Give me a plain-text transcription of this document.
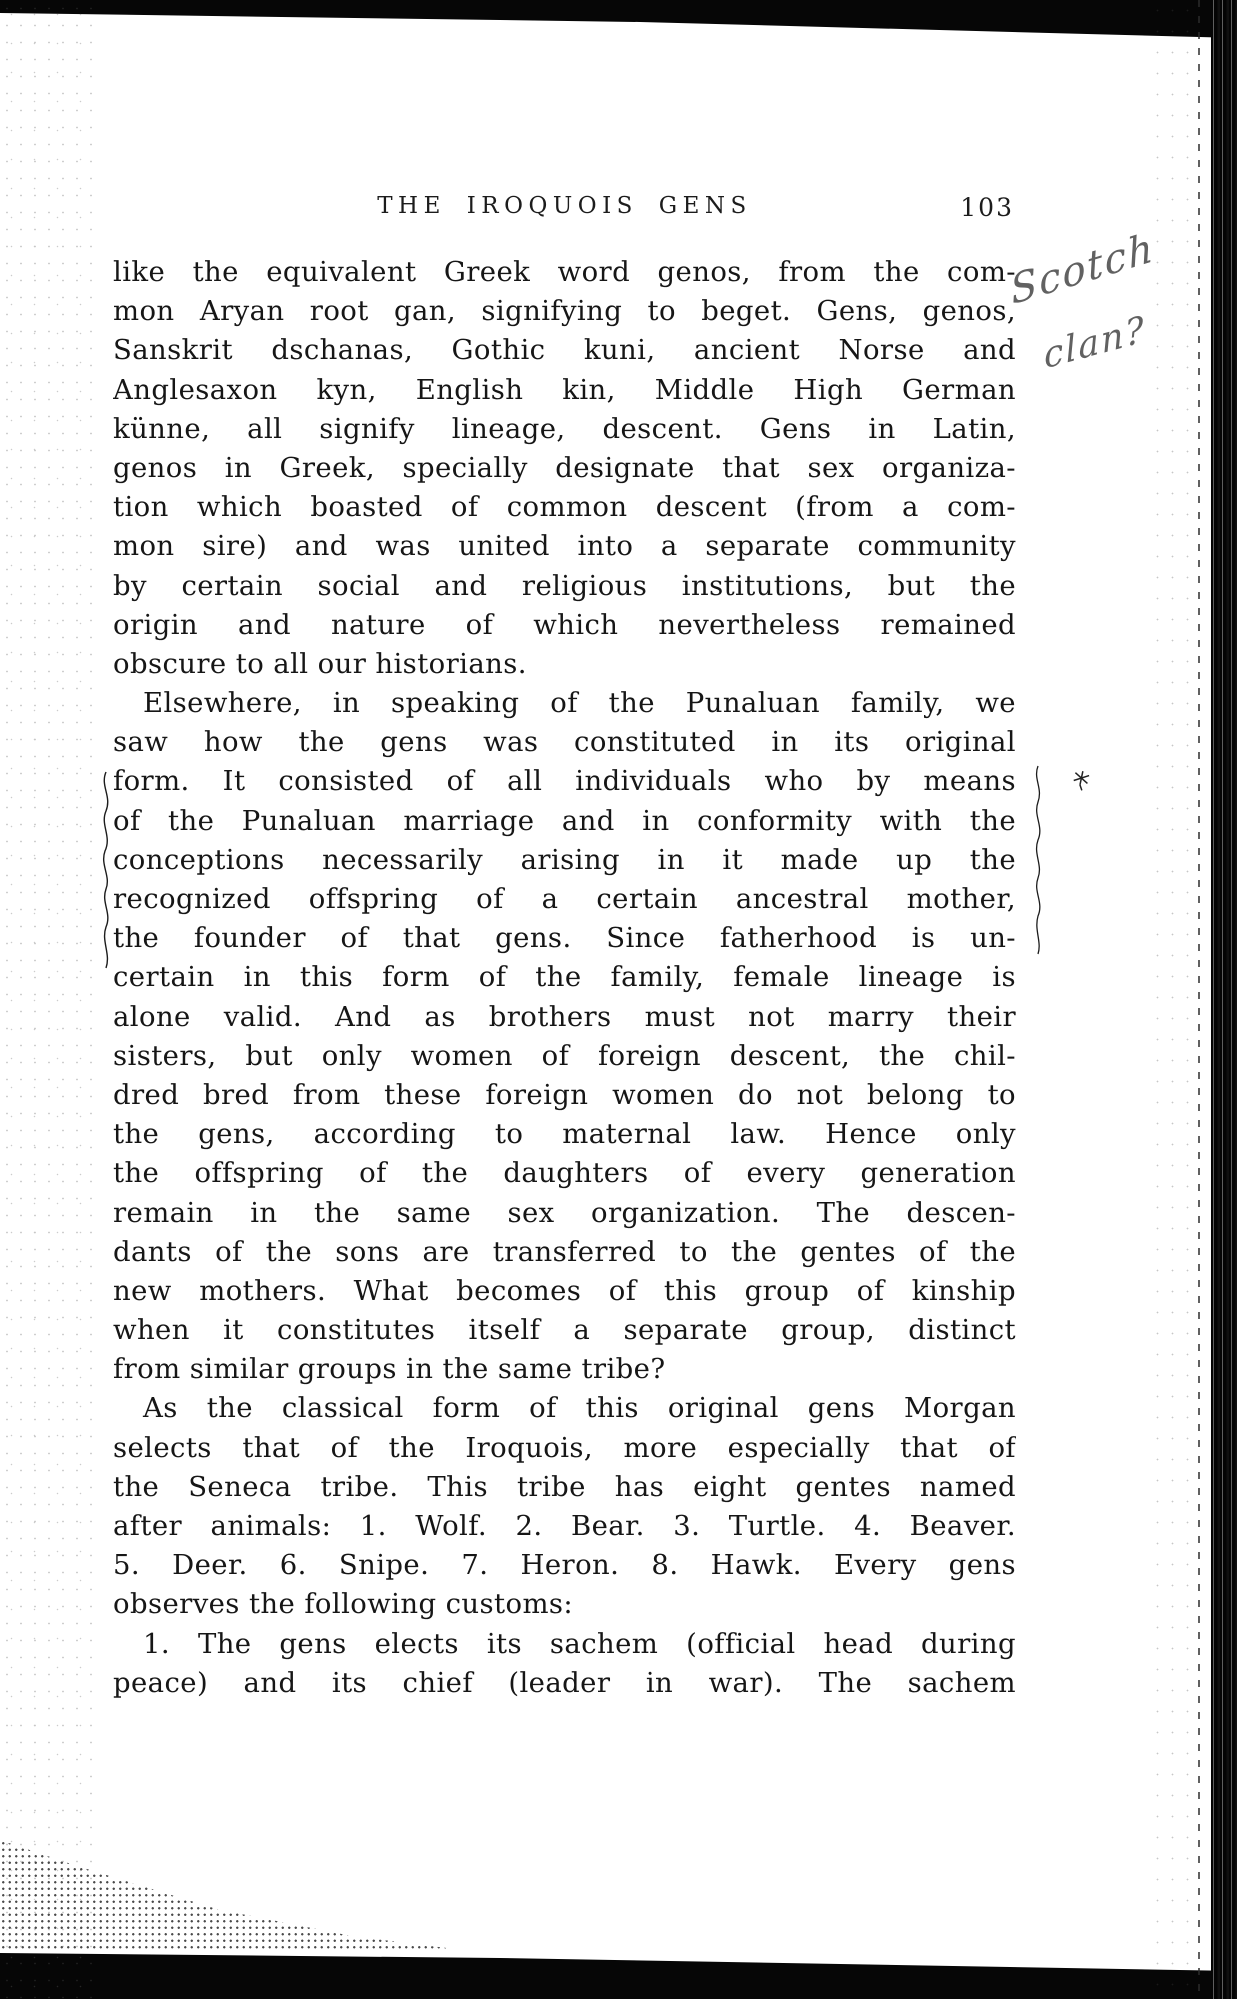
THE IROQUOIS GENS	103
like the equivalent Greek word genos, from the com-
mon Aryan root gan, signifying to beget. Gens, genos,
Sanskrit dschanas, Gothic kuni, ancient Norse and
Anglesaxon kyn, English kin, Middle High German
künne, all signify lineage, descent. Gens in Latin,
genos in Greek, specially designate that sex organiza-
tion which boasted of common descent (from a com-
mon sire) and was united into a separate community
by certain social and religious institutions, but the
origin and nature of which nevertheless remained
obscure to all our historians.
Elsewhere, in speaking of the Punaluan family, we
saw how the gens was constituted in its original
form. It consisted of all individuals who by means
of the Punaluan marriage and in conformity with the
conceptions necessarily arising in it made up the
recognized offspring of a certain ancestral mother,
the founder of that gens. Since fatherhood is un-
certain in this form of the family, female lineage is
alone valid. And as brothers must not marry their
sisters, but only women of foreign descent, the chil-
dred bred from these foreign women do not belong to
the gens, according to maternal law. Hence only
the offspring of the daughters of every generation
remain in the same sex organization. The descen-
dants of the sons are transferred to the gentes of the
new mothers. What becomes of this group of kinship
when it constitutes itself a separate group, distinct
from similar groups in the same tribe?
As the classical form of this original gens Morgan
selects that of the Iroquois, more especially that of
the Seneca tribe. This tribe has eight gentes named
after animals: 1. Wolf. 2. Bear. 3. Turtle. 4. Beaver.
5. Deer. 6. Snipe. 7. Heron. 8. Hawk. Every gens
observes the following customs:
1. The gens elects its sachem (official head during
peace) and its chief (leader in war). The sachem
Scotch
clan?
